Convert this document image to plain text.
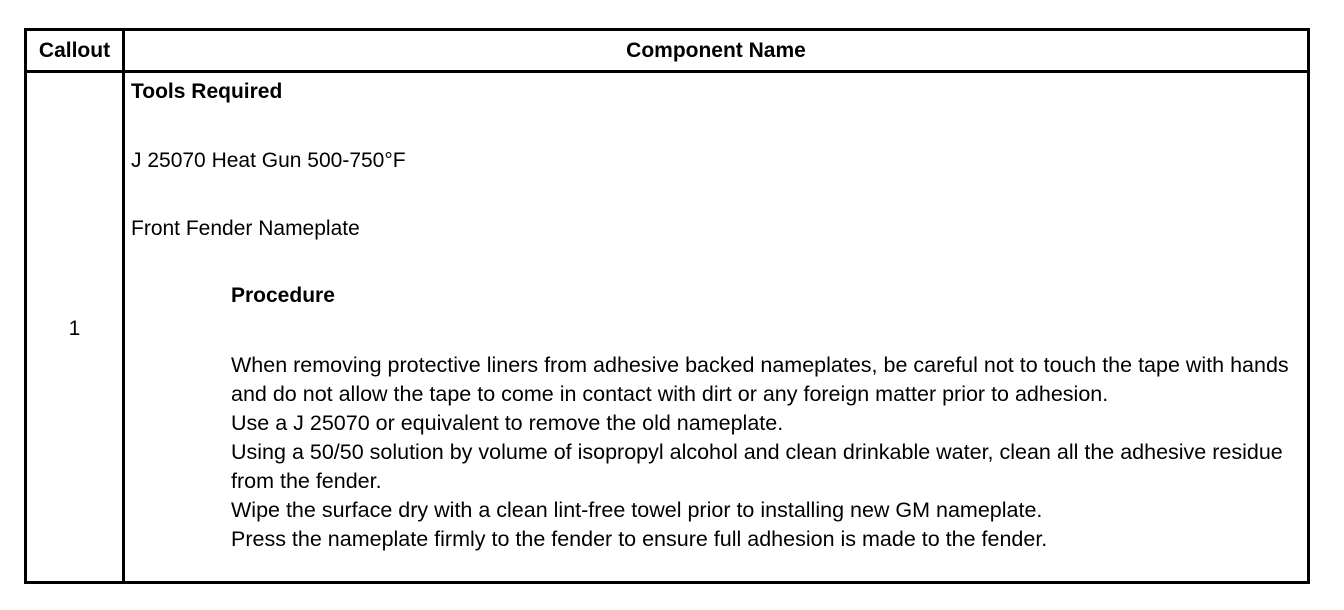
Callout	Component Name
1
Tools Required
J 25070 Heat Gun 500-750°F
Front Fender Nameplate
Procedure

When removing protective liners from adhesive backed nameplates, be careful not to touch the tape with hands and do not allow the tape to come in contact with dirt or any foreign matter prior to adhesion.

Use a J 25070 or equivalent to remove the old nameplate.

Using a 50/50 solution by volume of isopropyl alcohol and clean drinkable water, clean all the adhesive residue from the fender.

Wipe the surface dry with a clean lint-free towel prior to installing new GM nameplate.

Press the nameplate firmly to the fender to ensure full adhesion is made to the fender.
